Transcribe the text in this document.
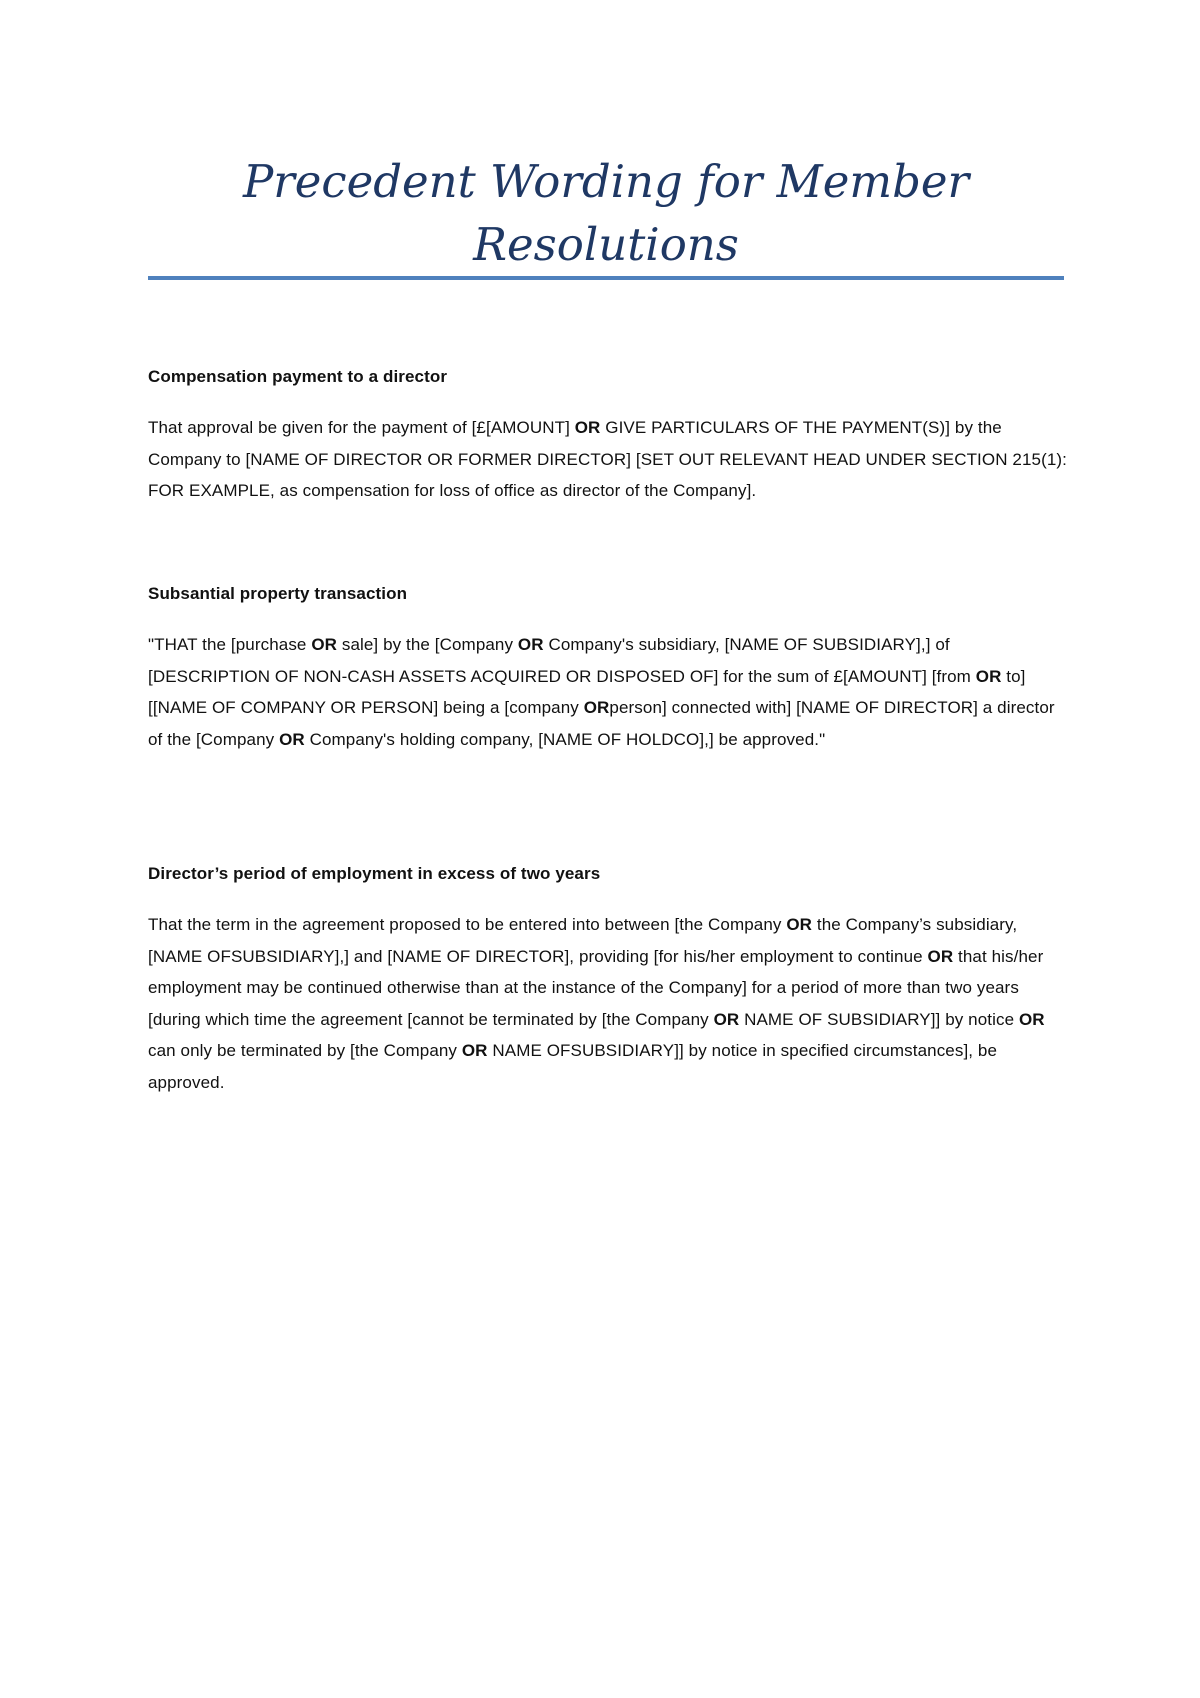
Precedent Wording for Member Resolutions

Compensation payment to a director

That approval be given for the payment of [£[AMOUNT] OR GIVE PARTICULARS OF THE PAYMENT(S)] by the Company to [NAME OF DIRECTOR OR FORMER DIRECTOR] [SET OUT RELEVANT HEAD UNDER SECTION 215(1): FOR EXAMPLE, as compensation for loss of office as director of the Company].

Subsantial property transaction

"THAT the [purchase OR sale] by the [Company OR Company's subsidiary, [NAME OF SUBSIDIARY],] of [DESCRIPTION OF NON-CASH ASSETS ACQUIRED OR DISPOSED OF] for the sum of £[AMOUNT] [from OR to] [[NAME OF COMPANY OR PERSON] being a [company ORperson] connected with] [NAME OF DIRECTOR] a director of the [Company OR Company's holding company, [NAME OF HOLDCO],] be approved."

Director’s period of employment in excess of two years

That the term in the agreement proposed to be entered into between [the Company OR the Company’s subsidiary, [NAME OFSUBSIDIARY],] and [NAME OF DIRECTOR], providing [for his/her employment to continue OR that his/her employment may be continued otherwise than at the instance of the Company] for a period of more than two years [during which time the agreement [cannot be terminated by [the Company OR NAME OF SUBSIDIARY]] by notice OR can only be terminated by [the Company OR NAME OFSUBSIDIARY]] by notice in specified circumstances], be approved.
